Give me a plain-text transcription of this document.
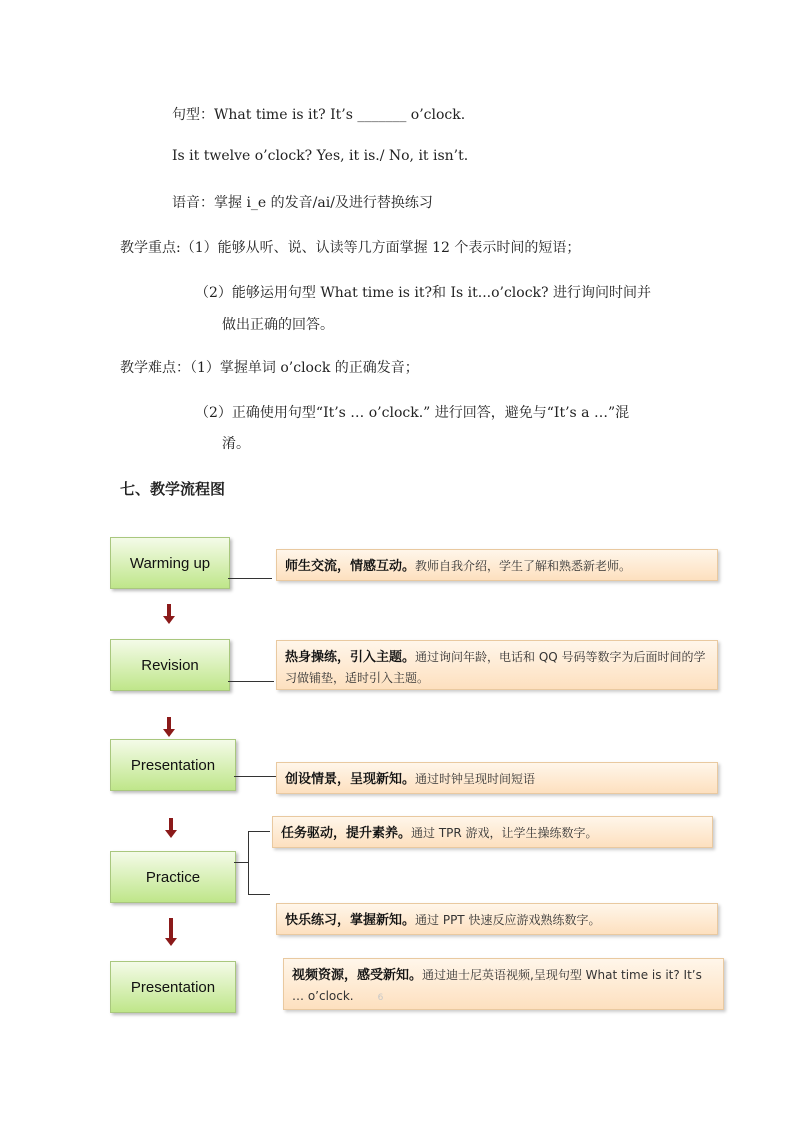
句型：What time is it? It’s _______ o’clock.
Is it twelve o’clock? Yes, it is./ No, it isn’t.
语音：掌握 i_e 的发音/ai/及进行替换练习
教学重点:（1）能够从听、说、认读等几方面掌握 12 个表示时间的短语；
（2）能够运用句型 What time is it?和 Is it...o’clock? 进行询问时间并
做出正确的回答。
教学难点：（1）掌握单词 o’clock 的正确发音；
（2）正确使用句型“It’s … o’clock.” 进行回答，避免与“It’s a …”混
淆。
七、教学流程图
Warming up
Revision
Presentation
Practice
Presentation
师生交流，情感互动。教师自我介绍，学生了解和熟悉新老师。
热身操练，引入主题。通过询问年龄，电话和 QQ 号码等数字为后面时间的学习做铺垫，适时引入主题。
创设情景，呈现新知。通过时钟呈现时间短语
任务驱动，提升素养。通过 TPR 游戏，让学生操练数字。
快乐练习，掌握新知。通过 PPT 快速反应游戏熟练数字。
视频资源，感受新知。通过迪士尼英语视频,呈现句型 What time is it? It’s … o’clock.	6
